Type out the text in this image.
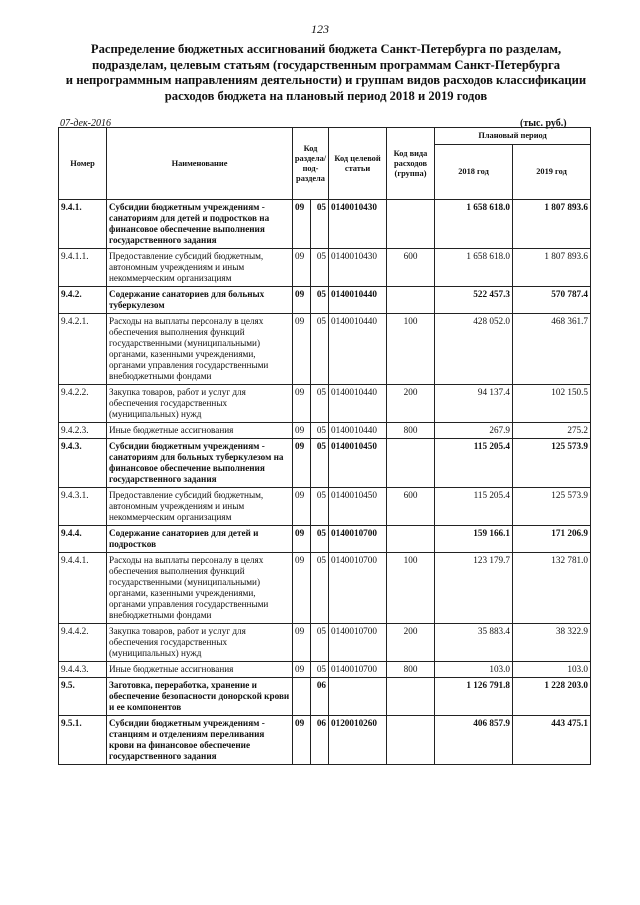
123
Распределение бюджетных ассигнований бюджета Санкт-Петербурга по разделам,
подразделам, целевым статьям (государственным программам Санкт-Петербурга
и непрограммным направлениям деятельности) и группам видов расходов классификации
расходов бюджета на плановый период 2018 и 2019 годов
07-дек-2016	(тыс. руб.)
Номер	Наименование	Код раздела/ под- раздела		Код целевой статьи	Код вида расходов (группа)	Плановый период	
						2018 год	2019 год
9.4.1.	Субсидии бюджетным учреждениям - санаториям для детей и подростков на финансовое обеспечение выполнения государственного задания	09	05	0140010430		1 658 618.0	1 807 893.6
9.4.1.1.	Предоставление субсидий бюджетным, автономным учреждениям и иным некоммерческим организациям	09	05	0140010430	600	1 658 618.0	1 807 893.6
9.4.2.	Содержание санаториев для больных туберкулезом	09	05	0140010440		522 457.3	570 787.4
9.4.2.1.	Расходы на выплаты персоналу в целях обеспечения выполнения функций государственными (муниципальными) органами, казенными учреждениями, органами управления государственными внебюджетными фондами	09	05	0140010440	100	428 052.0	468 361.7
9.4.2.2.	Закупка товаров, работ и услуг для обеспечения государственных (муниципальных) нужд	09	05	0140010440	200	94 137.4	102 150.5
9.4.2.3.	Иные бюджетные ассигнования	09	05	0140010440	800	267.9	275.2
9.4.3.	Субсидии бюджетным учреждениям - санаториям для больных туберкулезом на финансовое обеспечение выполнения государственного задания	09	05	0140010450		115 205.4	125 573.9
9.4.3.1.	Предоставление субсидий бюджетным, автономным учреждениям и иным некоммерческим организациям	09	05	0140010450	600	115 205.4	125 573.9
9.4.4.	Содержание санаториев для детей и подростков	09	05	0140010700		159 166.1	171 206.9
9.4.4.1.	Расходы на выплаты персоналу в целях обеспечения выполнения функций государственными (муниципальными) органами, казенными учреждениями, органами управления государственными внебюджетными фондами	09	05	0140010700	100	123 179.7	132 781.0
9.4.4.2.	Закупка товаров, работ и услуг для обеспечения государственных (муниципальных) нужд	09	05	0140010700	200	35 883.4	38 322.9
9.4.4.3.	Иные бюджетные ассигнования	09	05	0140010700	800	103.0	103.0
9.5.	Заготовка, переработка, хранение и обеспечение безопасности донорской крови и ее компонентов		06			1 126 791.8	1 228 203.0
9.5.1.	Субсидии бюджетным учреждениям - станциям и отделениям переливания крови на финансовое обеспечение государственного задания	09	06	0120010260		406 857.9	443 475.1
